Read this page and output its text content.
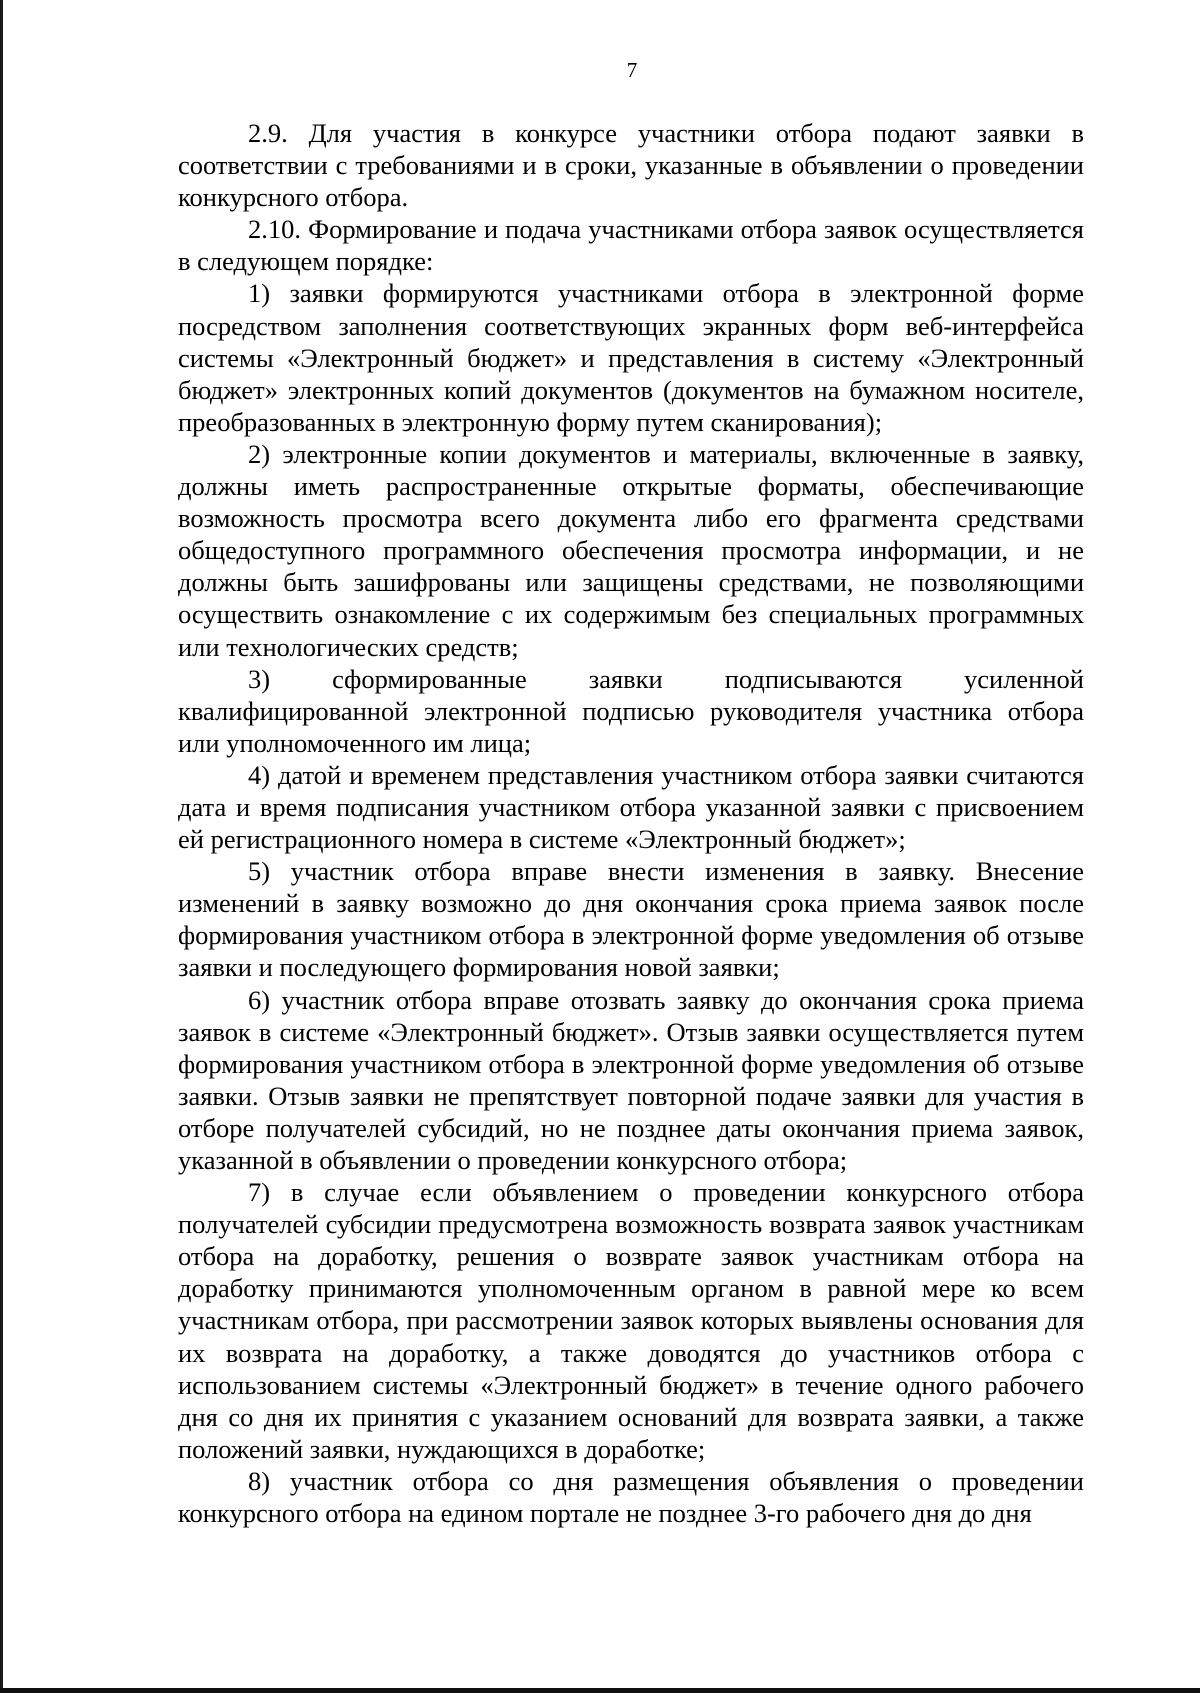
7

2.9. Для участия в конкурсе участники отбора подают заявки в соответствии с требованиями и в сроки, указанные в объявлении о проведении конкурсного отбора.

2.10. Формирование и подача участниками отбора заявок осуществляется в следующем порядке:

1) заявки формируются участниками отбора в электронной форме посредством заполнения соответствующих экранных форм веб-интерфейса системы «Электронный бюджет» и представления в систему «Электронный бюджет» электронных копий документов (документов на бумажном носителе, преобразованных в электронную форму путем сканирования);

2) электронные копии документов и материалы, включенные в заявку, должны иметь распространенные открытые форматы, обеспечивающие возможность просмотра всего документа либо его фрагмента средствами общедоступного программного обеспечения просмотра информации, и не должны быть зашифрованы или защищены средствами, не позволяющими осуществить ознакомление с их содержимым без специальных программных или технологических средств;

3) сформированные заявки подписываются усиленной квалифицированной электронной подписью руководителя участника отбора или уполномоченного им лица;

4) датой и временем представления участником отбора заявки считаются дата и время подписания участником отбора указанной заявки с присвоением ей регистрационного номера в системе «Электронный бюджет»;

5) участник отбора вправе внести изменения в заявку. Внесение изменений в заявку возможно до дня окончания срока приема заявок после формирования участником отбора в электронной форме уведомления об отзыве заявки и последующего формирования новой заявки;

6) участник отбора вправе отозвать заявку до окончания срока приема заявок в системе «Электронный бюджет». Отзыв заявки осуществляется путем формирования участником отбора в электронной форме уведомления об отзыве заявки. Отзыв заявки не препятствует повторной подаче заявки для участия в отборе получателей субсидий, но не позднее даты окончания приема заявок, указанной в объявлении о проведении конкурсного отбора;

7) в случае если объявлением о проведении конкурсного отбора получателей субсидии предусмотрена возможность возврата заявок участникам отбора на доработку, решения о возврате заявок участникам отбора на доработку принимаются уполномоченным органом в равной мере ко всем участникам отбора, при рассмотрении заявок которых выявлены основания для их возврата на доработку, а также доводятся до участников отбора с использованием системы «Электронный бюджет» в течение одного рабочего дня со дня их принятия с указанием оснований для возврата заявки, а также положений заявки, нуждающихся в доработке;

8) участник отбора со дня размещения объявления о проведении конкурсного отбора на едином портале не позднее 3-го рабочего дня до дня
